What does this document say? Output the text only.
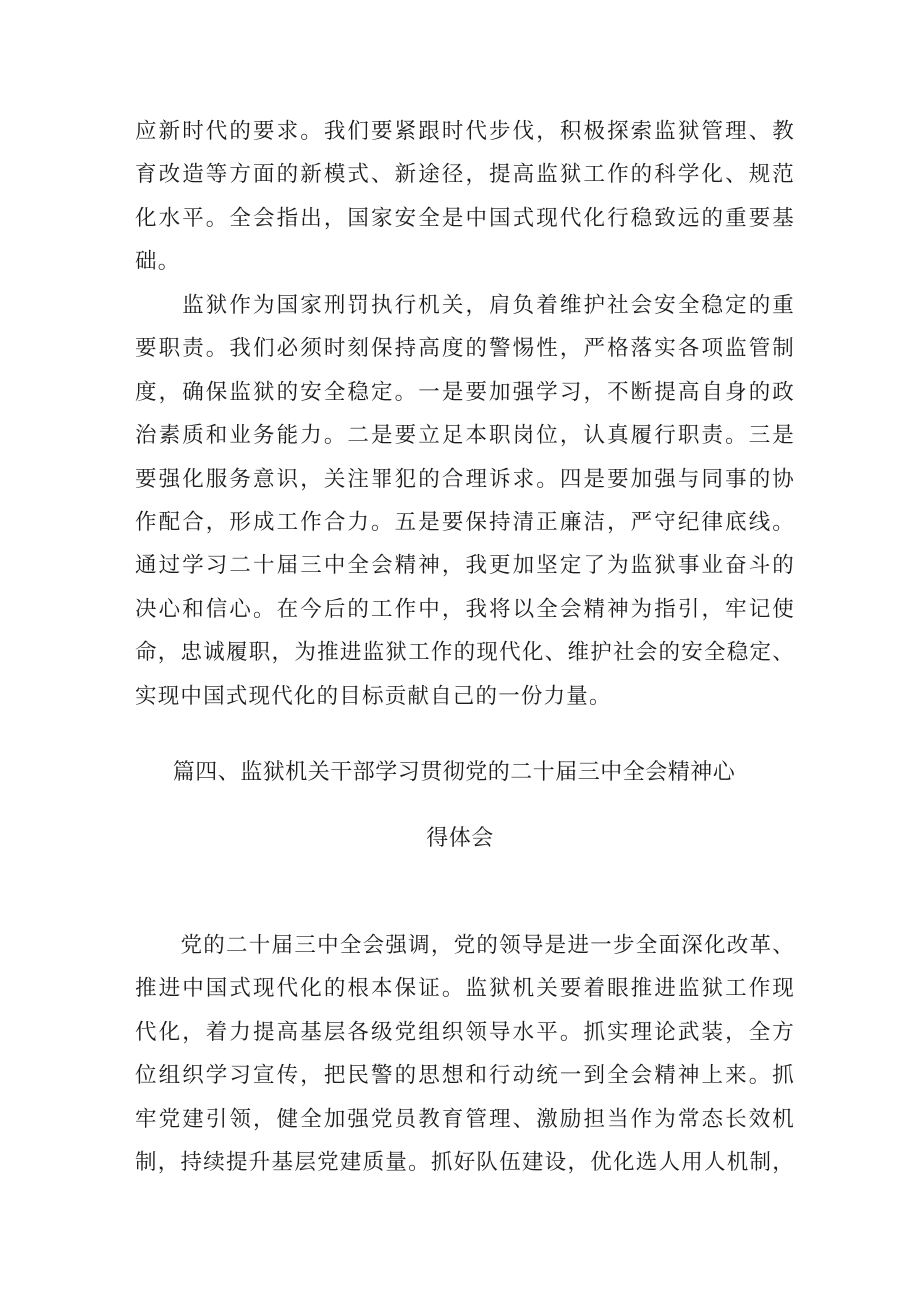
应新时代的要求。我们要紧跟时代步伐，积极探索监狱管理、教
育改造等方面的新模式、新途径，提高监狱工作的科学化、规范
化水平。全会指出，国家安全是中国式现代化行稳致远的重要基
础。
　　监狱作为国家刑罚执行机关，肩负着维护社会安全稳定的重
要职责。我们必须时刻保持高度的警惕性，严格落实各项监管制
度，确保监狱的安全稳定。一是要加强学习，不断提高自身的政
治素质和业务能力。二是要立足本职岗位，认真履行职责。三是
要强化服务意识，关注罪犯的合理诉求。四是要加强与同事的协
作配合，形成工作合力。五是要保持清正廉洁，严守纪律底线。
通过学习二十届三中全会精神，我更加坚定了为监狱事业奋斗的
决心和信心。在今后的工作中，我将以全会精神为指引，牢记使
命，忠诚履职，为推进监狱工作的现代化、维护社会的安全稳定、
实现中国式现代化的目标贡献自己的一份力量。
篇四、监狱机关干部学习贯彻党的二十届三中全会精神心
得体会
　　党的二十届三中全会强调，党的领导是进一步全面深化改革、
推进中国式现代化的根本保证。监狱机关要着眼推进监狱工作现
代化，着力提高基层各级党组织领导水平。抓实理论武装，全方
位组织学习宣传，把民警的思想和行动统一到全会精神上来。抓
牢党建引领，健全加强党员教育管理、激励担当作为常态长效机
制，持续提升基层党建质量。抓好队伍建设，优化选人用人机制，
